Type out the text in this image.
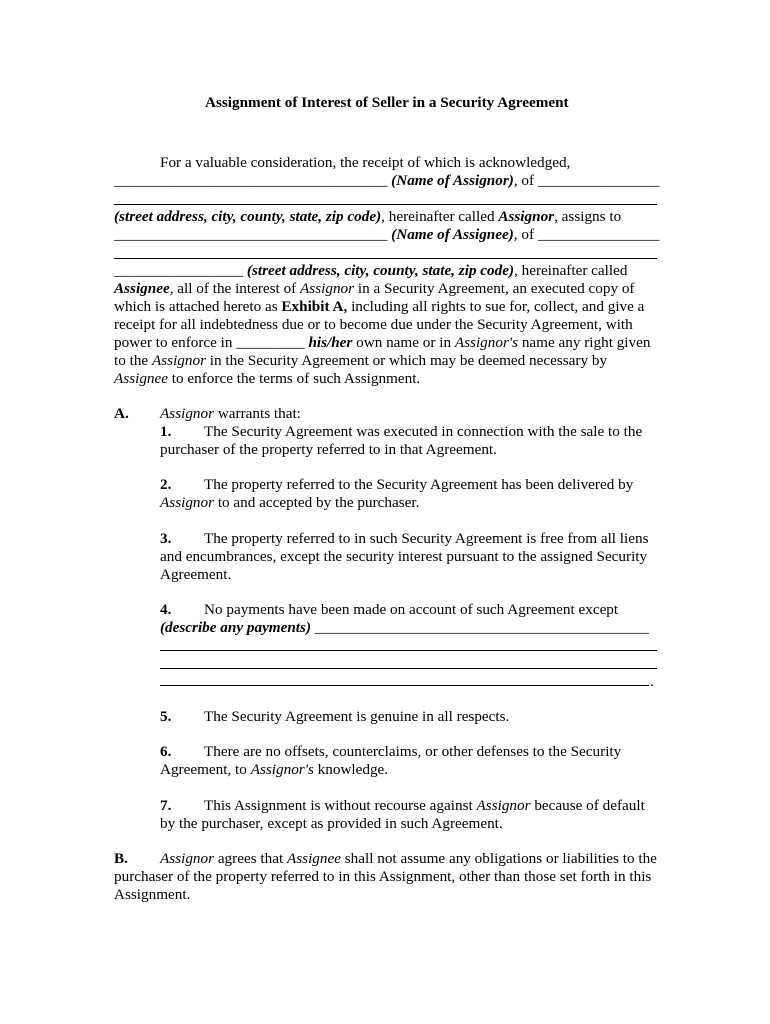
Assignment of Interest of Seller in a Security Agreement
For a valuable consideration, the receipt of which is acknowledged,
____________________________________ (Name of Assignor), of ________________
(street address, city, county, state, zip code), hereinafter called Assignor, assigns to
____________________________________ (Name of Assignee), of ________________
_________________ (street address, city, county, state, zip code), hereinafter called
Assignee, all of the interest of Assignor in a Security Agreement, an executed copy of
which is attached hereto as Exhibit A, including all rights to sue for, collect, and give a
receipt for all indebtedness due or to become due under the Security Agreement, with
power to enforce in _________ his/her own name or in Assignor's name any right given
to the Assignor in the Security Agreement or which may be deemed necessary by
Assignee to enforce the terms of such Assignment.
A. Assignor warrants that:
1. The Security Agreement was executed in connection with the sale to the
purchaser of the property referred to in that Agreement.
2. The property referred to the Security Agreement has been delivered by
Assignor to and accepted by the purchaser.
3. The property referred to in such Security Agreement is free from all liens
and encumbrances, except the security interest pursuant to the assigned Security
Agreement.
4. No payments have been made on account of such Agreement except
(describe any payments) ____________________________________________
.
5. The Security Agreement is genuine in all respects.
6. There are no offsets, counterclaims, or other defenses to the Security
Agreement, to Assignor's knowledge.
7. This Assignment is without recourse against Assignor because of default
by the purchaser, except as provided in such Agreement.
B. Assignor agrees that Assignee shall not assume any obligations or liabilities to the
purchaser of the property referred to in this Assignment, other than those set forth in this
Assignment.
